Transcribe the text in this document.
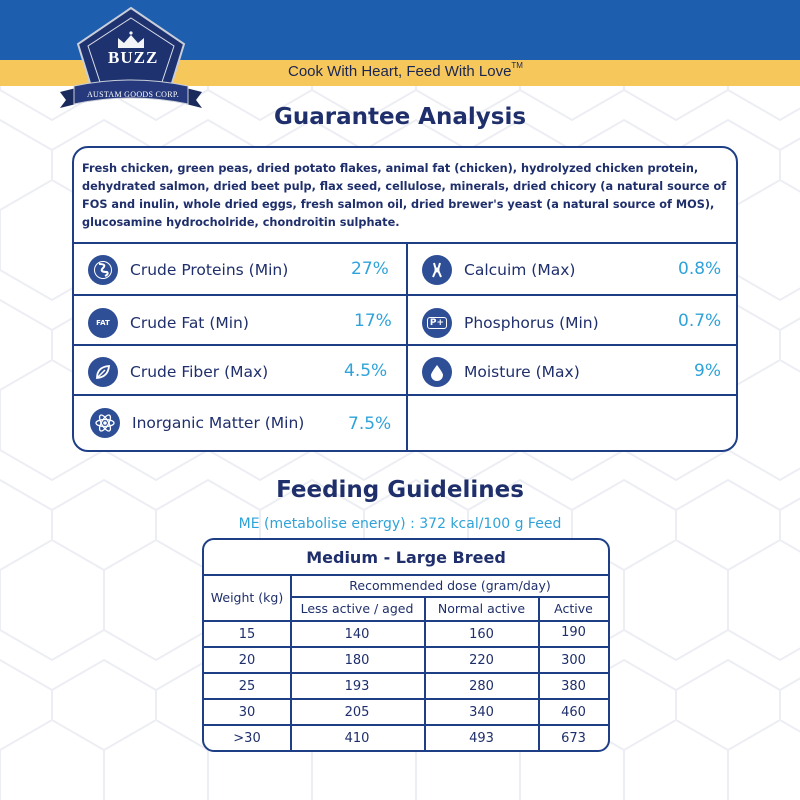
BUZZ
AUSTAM GOODS CORP.
Cook With Heart, Feed With Love™
Guarantee Analysis
Fresh chicken, green peas, dried potato flakes, animal fat (chicken), hydrolyzed chicken protein, dehydrated salmon, dried beet pulp, flax seed, cellulose, minerals, dried chicory (a natural source of FOS and inulin, whole dried eggs, fresh salmon oil, dried brewer's yeast (a natural source of MOS), glucosamine hydrocholride, chondroitin sulphate.
Crude Proteins (Min)	27%	Calcuim (Max)	0.8%
FAT Crude Fat (Min)	17%	P+ Phosphorus (Min)	0.7%
Crude Fiber (Max)	4.5%	Moisture (Max)	9%
Inorganic Matter (Min)	7.5%
Feeding Guidelines
ME (metabolise energy) : 372 kcal/100 g Feed
Medium - Large Breed
Weight (kg)
Recommended dose (gram/day)
Less active / aged	Normal active	Active
15	140	160	190
20	180	220	300
25	193	280	380
30	205	340	460
>30	410	493	673
